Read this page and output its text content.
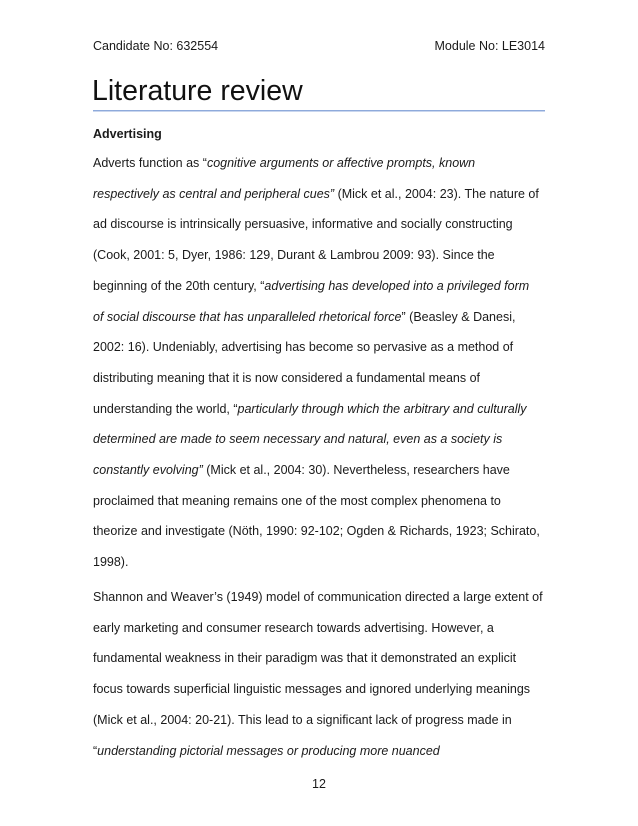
Candidate No: 632554	Module No: LE3014
Literature review
Advertising
Adverts function as “cognitive arguments or affective prompts, known
respectively as central and peripheral cues” (Mick et al., 2004: 23). The nature of
ad discourse is intrinsically persuasive, informative and socially constructing
(Cook, 2001: 5, Dyer, 1986: 129, Durant & Lambrou 2009: 93). Since the
beginning of the 20th century, “advertising has developed into a privileged form
of social discourse that has unparalleled rhetorical force” (Beasley & Danesi,
2002: 16). Undeniably, advertising has become so pervasive as a method of
distributing meaning that it is now considered a fundamental means of
understanding the world, “particularly through which the arbitrary and culturally
determined are made to seem necessary and natural, even as a society is
constantly evolving” (Mick et al., 2004: 30). Nevertheless, researchers have
proclaimed that meaning remains one of the most complex phenomena to
theorize and investigate (Nöth, 1990: 92-102; Ogden & Richards, 1923; Schirato,
1998).
Shannon and Weaver’s (1949) model of communication directed a large extent of
early marketing and consumer research towards advertising. However, a
fundamental weakness in their paradigm was that it demonstrated an explicit
focus towards superficial linguistic messages and ignored underlying meanings
(Mick et al., 2004: 20-21). This lead to a significant lack of progress made in
“understanding pictorial messages or producing more nuanced
12
